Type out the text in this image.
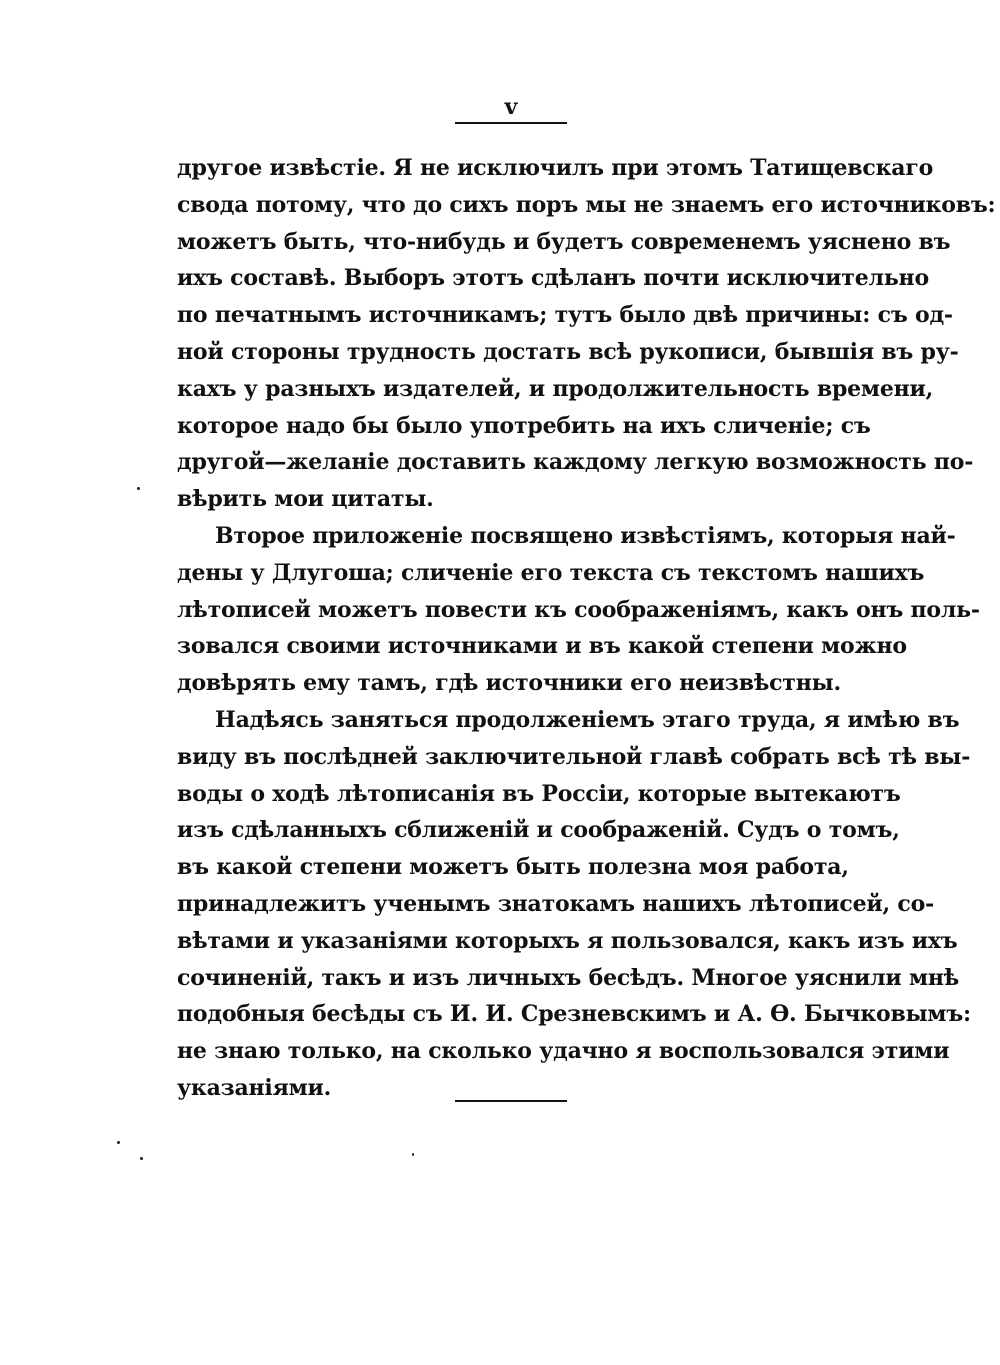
v
другое извѣстіе. Я не исключилъ при этомъ Татищевскаго
свода потому, что до сихъ поръ мы не знаемъ его источниковъ:
можетъ быть, что-нибудь и будетъ современемъ уяснено въ
ихъ составѣ. Выборъ этотъ сдѣланъ почти исключительно
по печатнымъ источникамъ; тутъ было двѣ причины: съ од-
ной стороны трудность достать всѣ рукописи, бывшія въ ру-
кахъ у разныхъ издателей, и продолжительность времени,
которое надо бы было употребить на ихъ сличеніе; съ
другой—желаніе доставить каждому легкую возможность по-
вѣрить мои цитаты.
Второе приложеніе посвящено извѣстіямъ, которыя най-
дены у Длугоша; сличеніе его текста съ текстомъ нашихъ
лѣтописей можетъ повести къ соображеніямъ, какъ онъ поль-
зовался своими источниками и въ какой степени можно
довѣрять ему тамъ, гдѣ источники его неизвѣстны.
Надѣясь заняться продолженіемъ этаго труда, я имѣю въ
виду въ послѣдней заключительной главѣ собрать всѣ тѣ вы-
воды о ходѣ лѣтописанія въ Россіи, которые вытекаютъ
изъ сдѣланныхъ сближеній и соображеній. Судъ о томъ,
въ какой степени можетъ быть полезна моя работа,
принадлежитъ ученымъ знатокамъ нашихъ лѣтописей, со-
вѣтами и указаніями которыхъ я пользовался, какъ изъ ихъ
сочиненій, такъ и изъ личныхъ бесѣдъ. Многое уяснили мнѣ
подобныя бесѣды съ И. И. Срезневскимъ и А. Ѳ. Бычковымъ:
не знаю только, на сколько удачно я воспользовался этими
указаніями.
